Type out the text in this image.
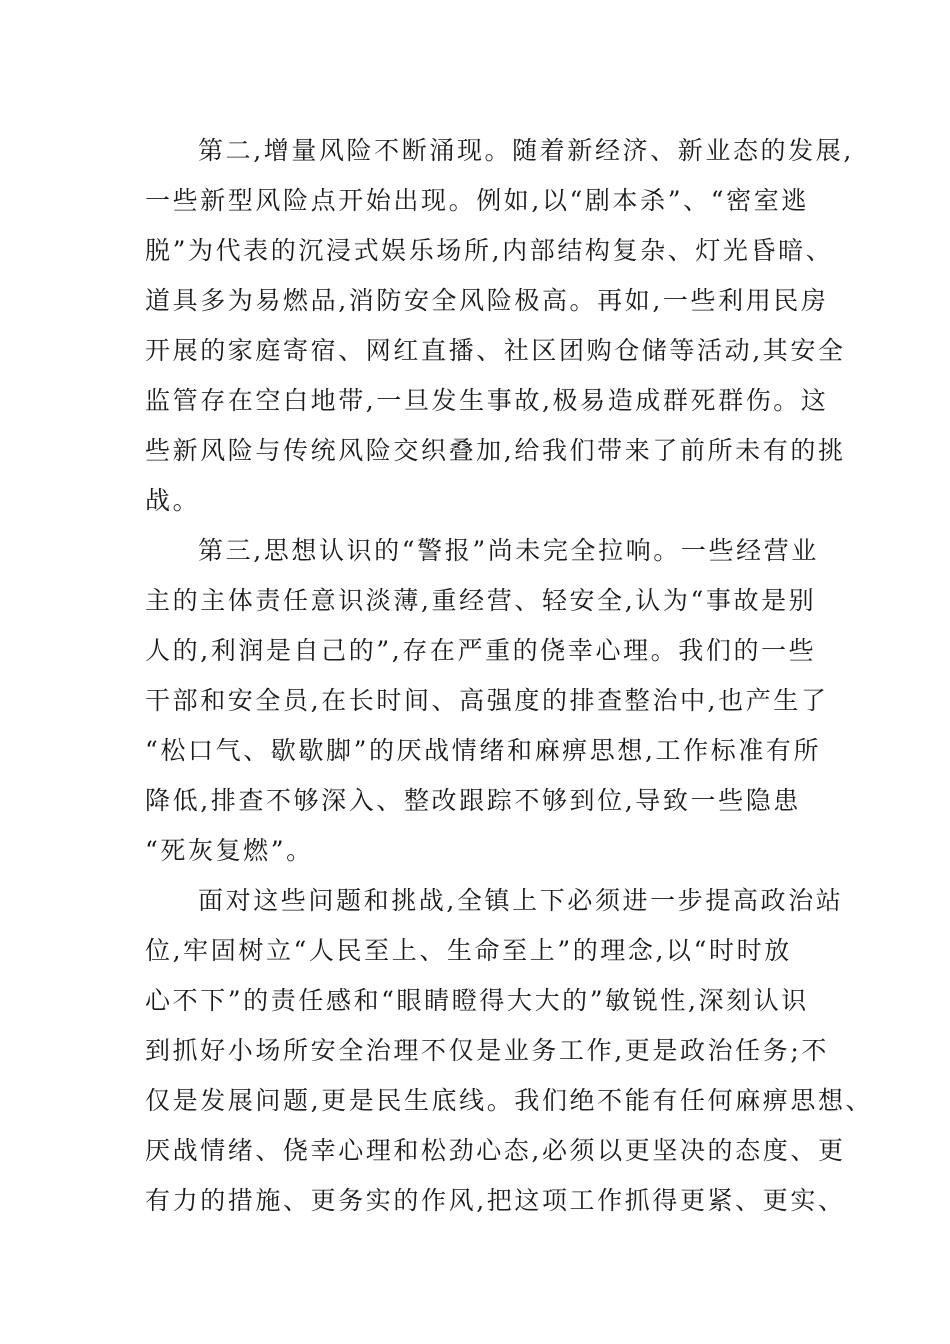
第二,增量风险不断涌现。随着新经济、新业态的发展,
一些新型风险点开始出现。例如,以“剧本杀”、“密室逃
脱”为代表的沉浸式娱乐场所,内部结构复杂、灯光昏暗、
道具多为易燃品,消防安全风险极高。再如,一些利用民房
开展的家庭寄宿、网红直播、社区团购仓储等活动,其安全
监管存在空白地带,一旦发生事故,极易造成群死群伤。这
些新风险与传统风险交织叠加,给我们带来了前所未有的挑
战。
第三,思想认识的“警报”尚未完全拉响。一些经营业
主的主体责任意识淡薄,重经营、轻安全,认为“事故是别
人的,利润是自己的”,存在严重的侥幸心理。我们的一些
干部和安全员,在长时间、高强度的排查整治中,也产生了
“松口气、歇歇脚”的厌战情绪和麻痹思想,工作标准有所
降低,排查不够深入、整改跟踪不够到位,导致一些隐患
“死灰复燃”。
面对这些问题和挑战,全镇上下必须进一步提高政治站
位,牢固树立“人民至上、生命至上”的理念,以“时时放
心不下”的责任感和“眼睛瞪得大大的”敏锐性,深刻认识
到抓好小场所安全治理不仅是业务工作,更是政治任务;不
仅是发展问题,更是民生底线。我们绝不能有任何麻痹思想、
厌战情绪、侥幸心理和松劲心态,必须以更坚决的态度、更
有力的措施、更务实的作风,把这项工作抓得更紧、更实、
